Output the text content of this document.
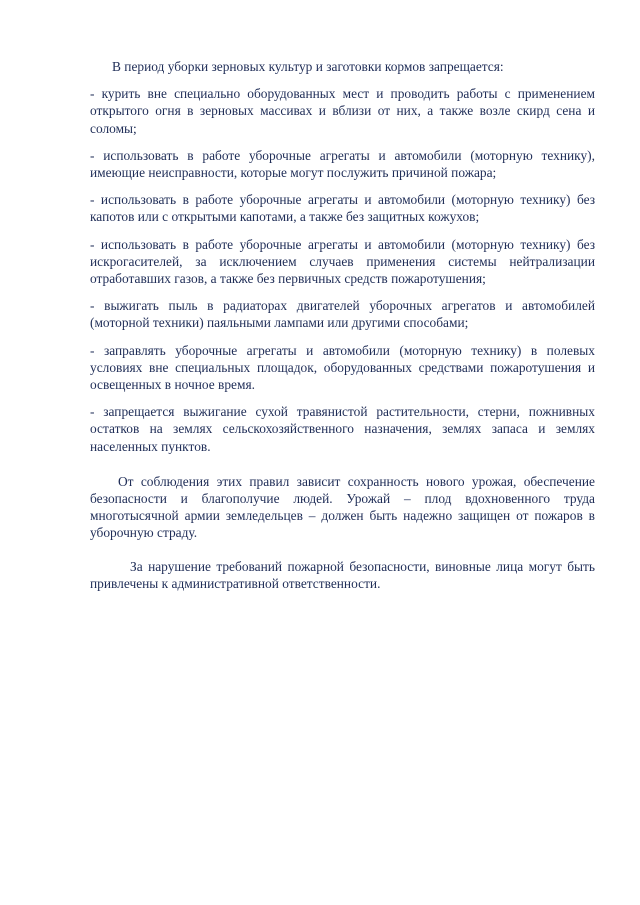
В период уборки зерновых культур и заготовки кормов запрещается:

- курить вне специально оборудованных мест и проводить работы с применением открытого огня в зерновых массивах и вблизи от них, а также возле скирд сена и соломы;

- использовать в работе уборочные агрегаты и автомобили (моторную технику), имеющие неисправности, которые могут послужить причиной пожара;

- использовать в работе уборочные агрегаты и автомобили (моторную технику) без капотов или с открытыми капотами, а также без защитных кожухов;

- использовать в работе уборочные агрегаты и автомобили (моторную технику) без искрогасителей, за исключением случаев применения системы нейтрализации отработавших газов, а также без первичных средств пожаротушения;

- выжигать пыль в радиаторах двигателей уборочных агрегатов и автомобилей (моторной техники) паяльными лампами или другими способами;

- заправлять уборочные агрегаты и автомобили (моторную технику) в полевых условиях вне специальных площадок, оборудованных средствами пожаротушения и освещенных в ночное время.

- запрещается выжигание сухой травянистой растительности, стерни, пожнивных остатков на землях сельскохозяйственного назначения, землях запаса и землях населенных пунктов.

От соблюдения этих правил зависит сохранность нового урожая, обеспечение безопасности и благополучие людей. Урожай – плод вдохновенного труда многотысячной армии земледельцев – должен быть надежно защищен от пожаров в уборочную страду.

За нарушение требований пожарной безопасности, виновные лица могут быть привлечены к административной ответственности.
